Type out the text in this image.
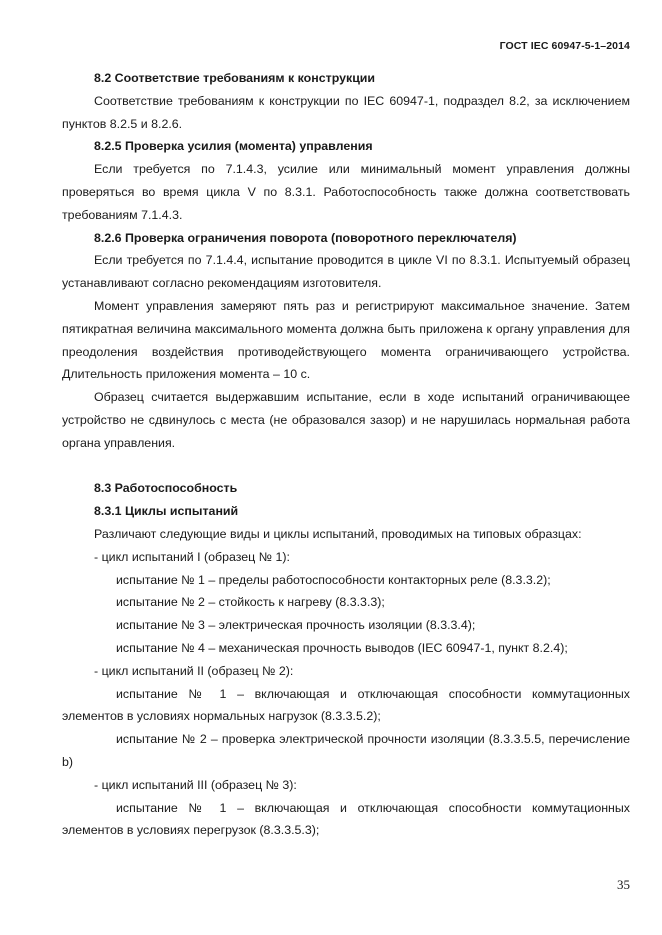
ГОСТ IEC 60947-5-1–2014

8.2 Соответствие требованиям к конструкции

Соответствие требованиям к конструкции по IEC 60947-1, подраздел 8.2, за исключением пунктов 8.2.5 и 8.2.6.

8.2.5 Проверка усилия (момента) управления

Если требуется по 7.1.4.3, усилие или минимальный момент управления должны проверяться во время цикла V по 8.3.1. Работоспособность также должна соответствовать требованиям 7.1.4.3.

8.2.6 Проверка ограничения поворота (поворотного переключателя)

Если требуется по 7.1.4.4, испытание проводится в цикле VI по 8.3.1. Испытуемый образец устанавливают согласно рекомендациям изготовителя.

Момент управления замеряют пять раз и регистрируют максимальное значение. Затем пятикратная величина максимального момента должна быть приложена к органу управления для преодоления воздействия противодействующего момента ограничивающего устройства. Длительность приложения момента – 10 с.

Образец считается выдержавшим испытание, если в ходе испытаний ограничивающее устройство не сдвинулось с места (не образовался зазор) и не нарушилась нормальная работа органа управления.

8.3 Работоспособность

8.3.1 Циклы испытаний

Различают следующие виды и циклы испытаний, проводимых на типовых образцах:

- цикл испытаний I (образец № 1):

испытание № 1 – пределы работоспособности контакторных реле (8.3.3.2);

испытание № 2 – стойкость к нагреву (8.3.3.3);

испытание № 3 – электрическая прочность изоляции (8.3.3.4);

испытание № 4 – механическая прочность выводов (IEC 60947-1, пункт 8.2.4);

- цикл испытаний II (образец № 2):

испытание № 1 – включающая и отключающая способности коммутационных элементов в условиях нормальных нагрузок (8.3.3.5.2);

испытание № 2 – проверка электрической прочности изоляции (8.3.3.5.5, перечисление b)

- цикл испытаний III (образец № 3):

испытание № 1 – включающая и отключающая способности коммутационных элементов в условиях перегрузок (8.3.3.5.3);

35
